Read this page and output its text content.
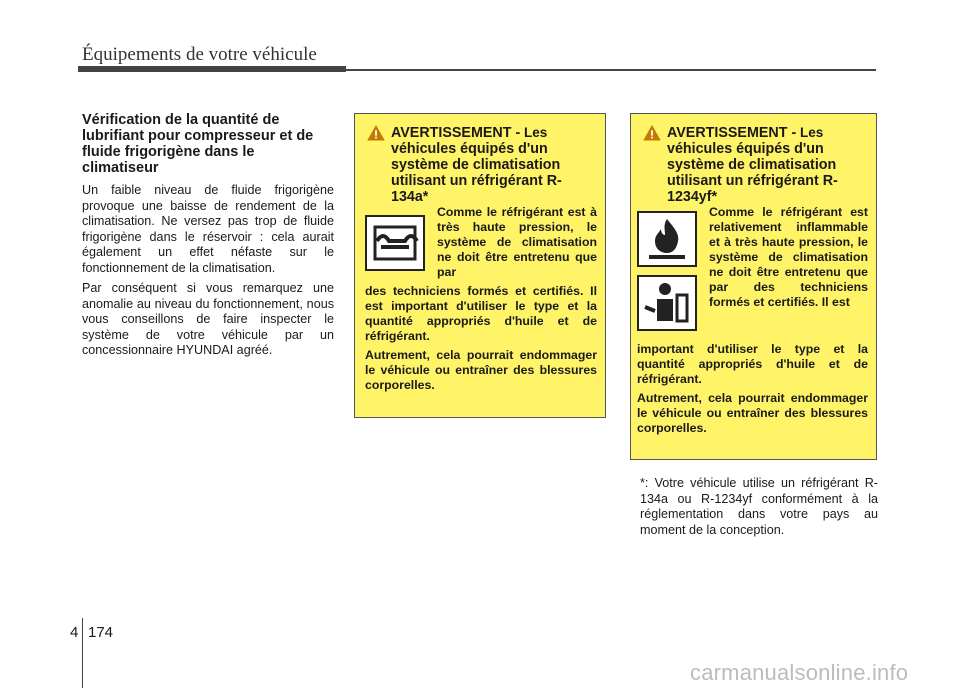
Équipements de votre véhicule

Vérification de la quantité de lubrifiant pour compresseur et de fluide frigorigène dans le climatiseur

Un faible niveau de fluide frigorigène provoque une baisse de rendement de la climatisation. Ne versez pas trop de fluide frigorigène dans le réservoir : cela aurait également un effet néfaste sur le fonctionnement de la climatisation.

Par conséquent si vous remarquez une anomalie au niveau du fonctionnement, nous vous conseillons de faire inspecter le système de votre véhicule par un concessionnaire HYUNDAI agréé.

AVERTISSEMENT - Les
véhicules équipés d'un système de climatisation utilisant un réfrigérant R-134a*
Comme le réfrigérant est à très haute pression, le système de climatisation ne doit être entretenu que par
des techniciens formés et certifiés. Il est important d'utiliser le type et la quantité appropriés d'huile et de réfrigérant.
Autrement, cela pourrait endommager le véhicule ou entraîner des blessures corporelles.
AVERTISSEMENT - Les
véhicules équipés d'un système de climatisation utilisant un réfrigérant R-1234yf*
Comme le réfrigérant est relativement inflammable et à très haute pression, le système de climatisation ne doit être entretenu que par des techniciens formés et certifiés. Il est
important d'utiliser le type et la quantité appropriés d'huile et de réfrigérant.
Autrement, cela pourrait endommager le véhicule ou entraîner des blessures corporelles.
*: Votre véhicule utilise un réfrigérant R-134a ou R-1234yf conformément à la réglementation dans votre pays au moment de la conception.
4 174
carmanualsonline.info
